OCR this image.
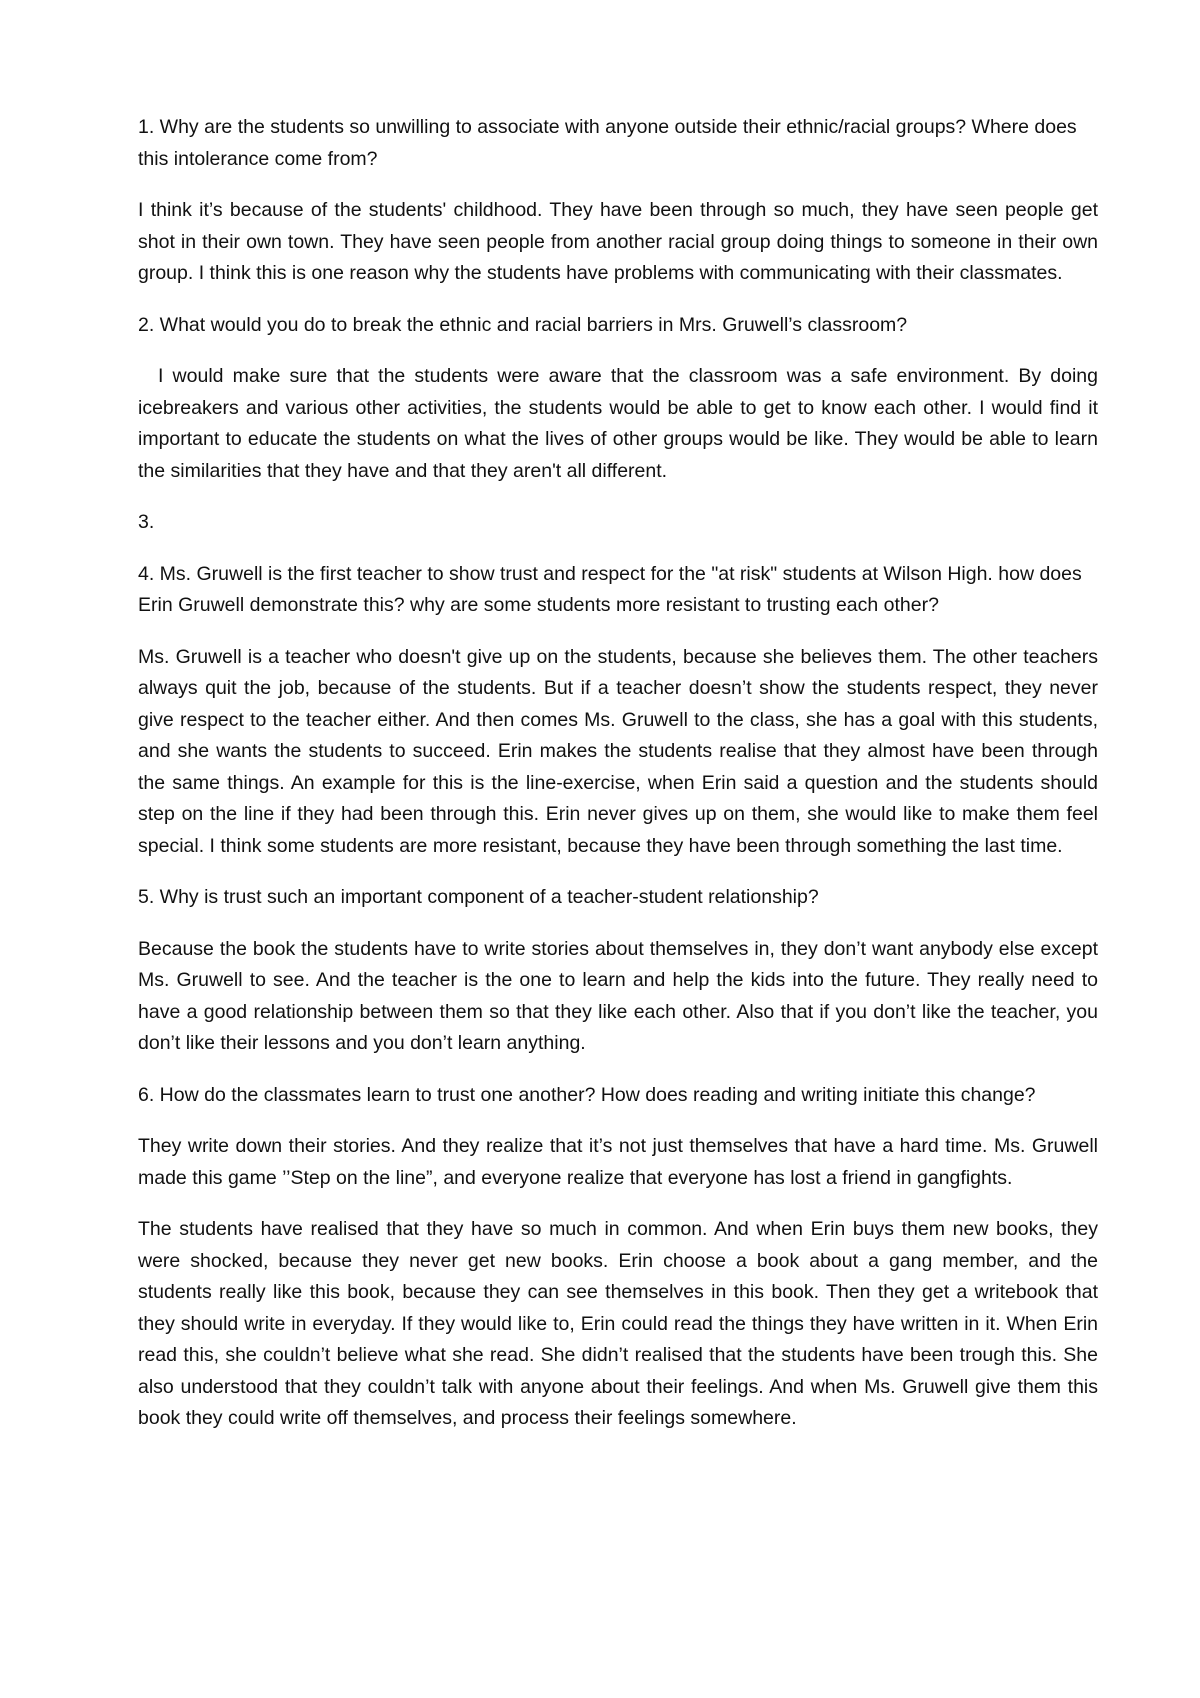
1. Why are the students so unwilling to associate with anyone outside their ethnic/racial groups? Where does this intolerance come from?

I think it’s because of the students' childhood. They have been through so much, they have seen people get shot in their own town. They have seen people from another racial group doing things to someone in their own group. I think this is one reason why the students have problems with communicating with their classmates.

2. What would you do to break the ethnic and racial barriers in Mrs. Gruwell’s classroom?

I would make sure that the students were aware that the classroom was a safe environment. By doing icebreakers and various other activities, the students would be able to get to know each other. I would find it important to educate the students on what the lives of other groups would be like. They would be able to learn the similarities that they have and that they aren't all different.

3.

4. Ms. Gruwell is the first teacher to show trust and respect for the "at risk" students at Wilson High. how does Erin Gruwell demonstrate this? why are some students more resistant to trusting each other?

Ms. Gruwell is a teacher who doesn't give up on the students, because she believes them. The other teachers always quit the job, because of the students. But if a teacher doesn’t show the students respect, they never give respect to the teacher either. And then comes Ms. Gruwell to the class, she has a goal with this students, and she wants the students to succeed. Erin makes the students realise that they almost have been through the same things. An example for this is the line-exercise, when Erin said a question and the students should step on the line if they had been through this. Erin never gives up on them, she would like to make them feel special. I think some students are more resistant, because they have been through something the last time.

5. Why is trust such an important component of a teacher-student relationship?

Because the book the students have to write stories about themselves in, they don’t want anybody else except Ms. Gruwell to see. And the teacher is the one to learn and help the kids into the future. They really need to have a good relationship between them so that they like each other. Also that if you don’t like the teacher, you don’t like their lessons and you don’t learn anything.

6. How do the classmates learn to trust one another? How does reading and writing initiate this change?

They write down their stories. And they realize that it’s not just themselves that have a hard time. Ms. Gruwell made this game ’’Step on the line”, and everyone realize that everyone has lost a friend in gangfights.

The students have realised that they have so much in common. And when Erin buys them new books, they were shocked, because they never get new books. Erin choose a book about a gang member, and the students really like this book, because they can see themselves in this book. Then they get a writebook that they should write in everyday. If they would like to, Erin could read the things they have written in it. When Erin read this, she couldn’t believe what she read. She didn’t realised that the students have been trough this. She also understood that they couldn’t talk with anyone about their feelings. And when Ms. Gruwell give them this book they could write off themselves, and process their feelings somewhere.
